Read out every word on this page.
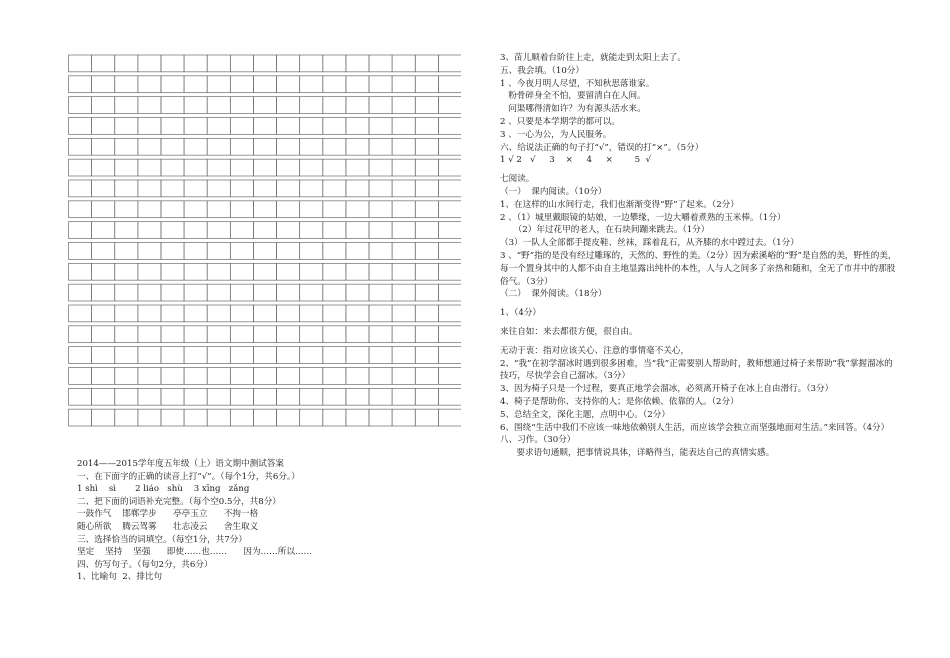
2014——2015学年度五年级（上）语文期中测试答案
一、在下面字的正确的读音上打“√”。（每个1分，共6分。）
1 shì    sì       2 liáo   shù    3 xīng   zǎng
二、把下面的词语补充完整。（每个空0.5分，共8分）
一鼓作气    邯郸学步      亭亭玉立      不拘一格
随心所欲    腾云驾雾      壮志凌云      舍生取义
三、选择恰当的词填空。（每空1分，共7分）
坚定    坚持    坚强      即使……也……      因为……所以……
四、仿写句子。（每句2分，共6分）
1、比喻句  2、排比句
3、苗儿顺着台阶往上走，就能走到太阳上去了。
五、我会填。（10分）
1 、今夜月明人尽望，不知秋思落谁家。
粉骨碎身全不怕，要留清白在人间。
问渠哪得清如许？为有源头活水来。
2 、只要是本学期学的都可以。
3 、一心为公，为人民服务。
六、给说法正确的句子打“√”，错误的打“×”。（5分）
1 √ 2   √     3    ×     4     ×        5  √
七阅读。
（一）  课内阅读。（10分）
1、在这样的山水间行走，我们也渐渐变得“野”了起来。（2分）
2 、（1）城里戴眼镜的姑娘，一边攀缘，一边大嚼着煮熟的玉米棒。（1分）
（2）年过花甲的老人，在石块间蹦来跳去。（1分）
（3）一队人全部都手提皮鞋、丝袜，踩着乱石，从齐膝的水中蹚过去。（1分）
3 、“野”指的是没有经过雕琢的，天然的、野性的美。（2分）因为索溪峪的“野”是自然的美，野性的美，每一个置身其中的人都不由自主地显露出纯朴的本性，人与人之间多了亲热和随和，全无了市井中的那股俗气。（3分）
（二）  课外阅读。（18分）
1、（4分）
来往自如：来去都很方便，很自由。
无动于衷：指对应该关心、注意的事情毫不关心，
2、“我”在初学溜冰时遇到很多困难，当“我”正需要别人帮助时，教师想通过椅子来帮助“我”掌握溜冰的技巧，尽快学会自己溜冰。（3分）
3、因为椅子只是一个过程，要真正地学会溜冰，必须离开椅子在冰上自由滑行。（3分）
4、椅子是帮助你、支持你的人；是你依赖、依靠的人。（2分）
5、总结全文，深化主题，点明中心。（2分）
6、围绕“生活中我们不应该一味地依赖别人生活，而应该学会独立而坚强地面对生活。”来回答。（4分）
八、习作。（30分）
要求语句通顺，把事情说具体，详略得当，能表达自己的真情实感。
